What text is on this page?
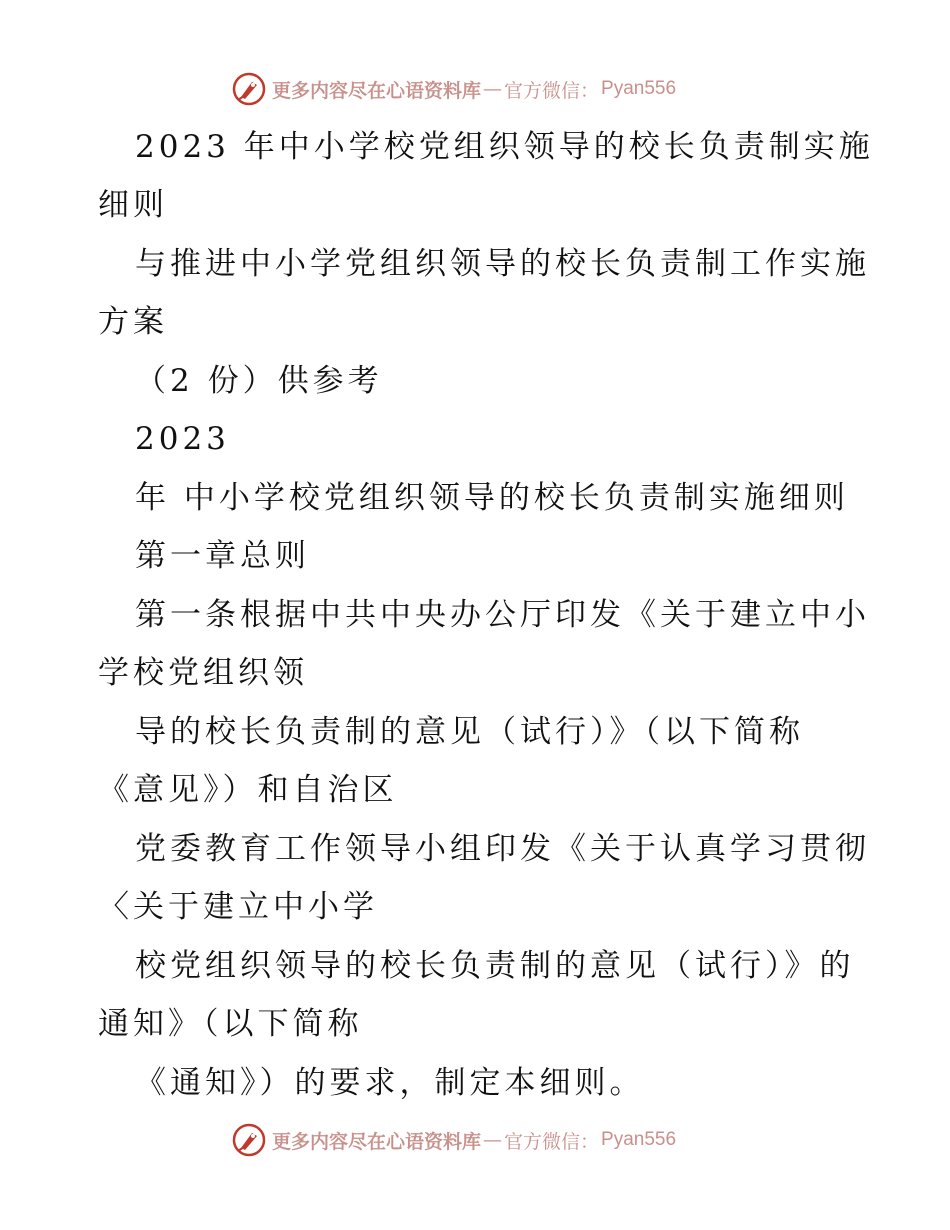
更多内容尽在心语资料库 — 官方微信： Pyan556
2023 年中小学校党组织领导的校长负责制实施
细则
与推进中小学党组织领导的校长负责制工作实施
方案
（2 份）供参考
2023
年 中小学校党组织领导的校长负责制实施细则
第一章总则
第一条根据中共中央办公厅印发《关于建立中小
学校党组织领
导的校长负责制的意见（试行）》（以下简称
《意见》）和自治区
党委教育工作领导小组印发《关于认真学习贯彻
〈关于建立中小学
校党组织领导的校长负责制的意见（试行）》的
通知》（以下简称
《通知》）的要求，制定本细则。
更多内容尽在心语资料库 — 官方微信： Pyan556
